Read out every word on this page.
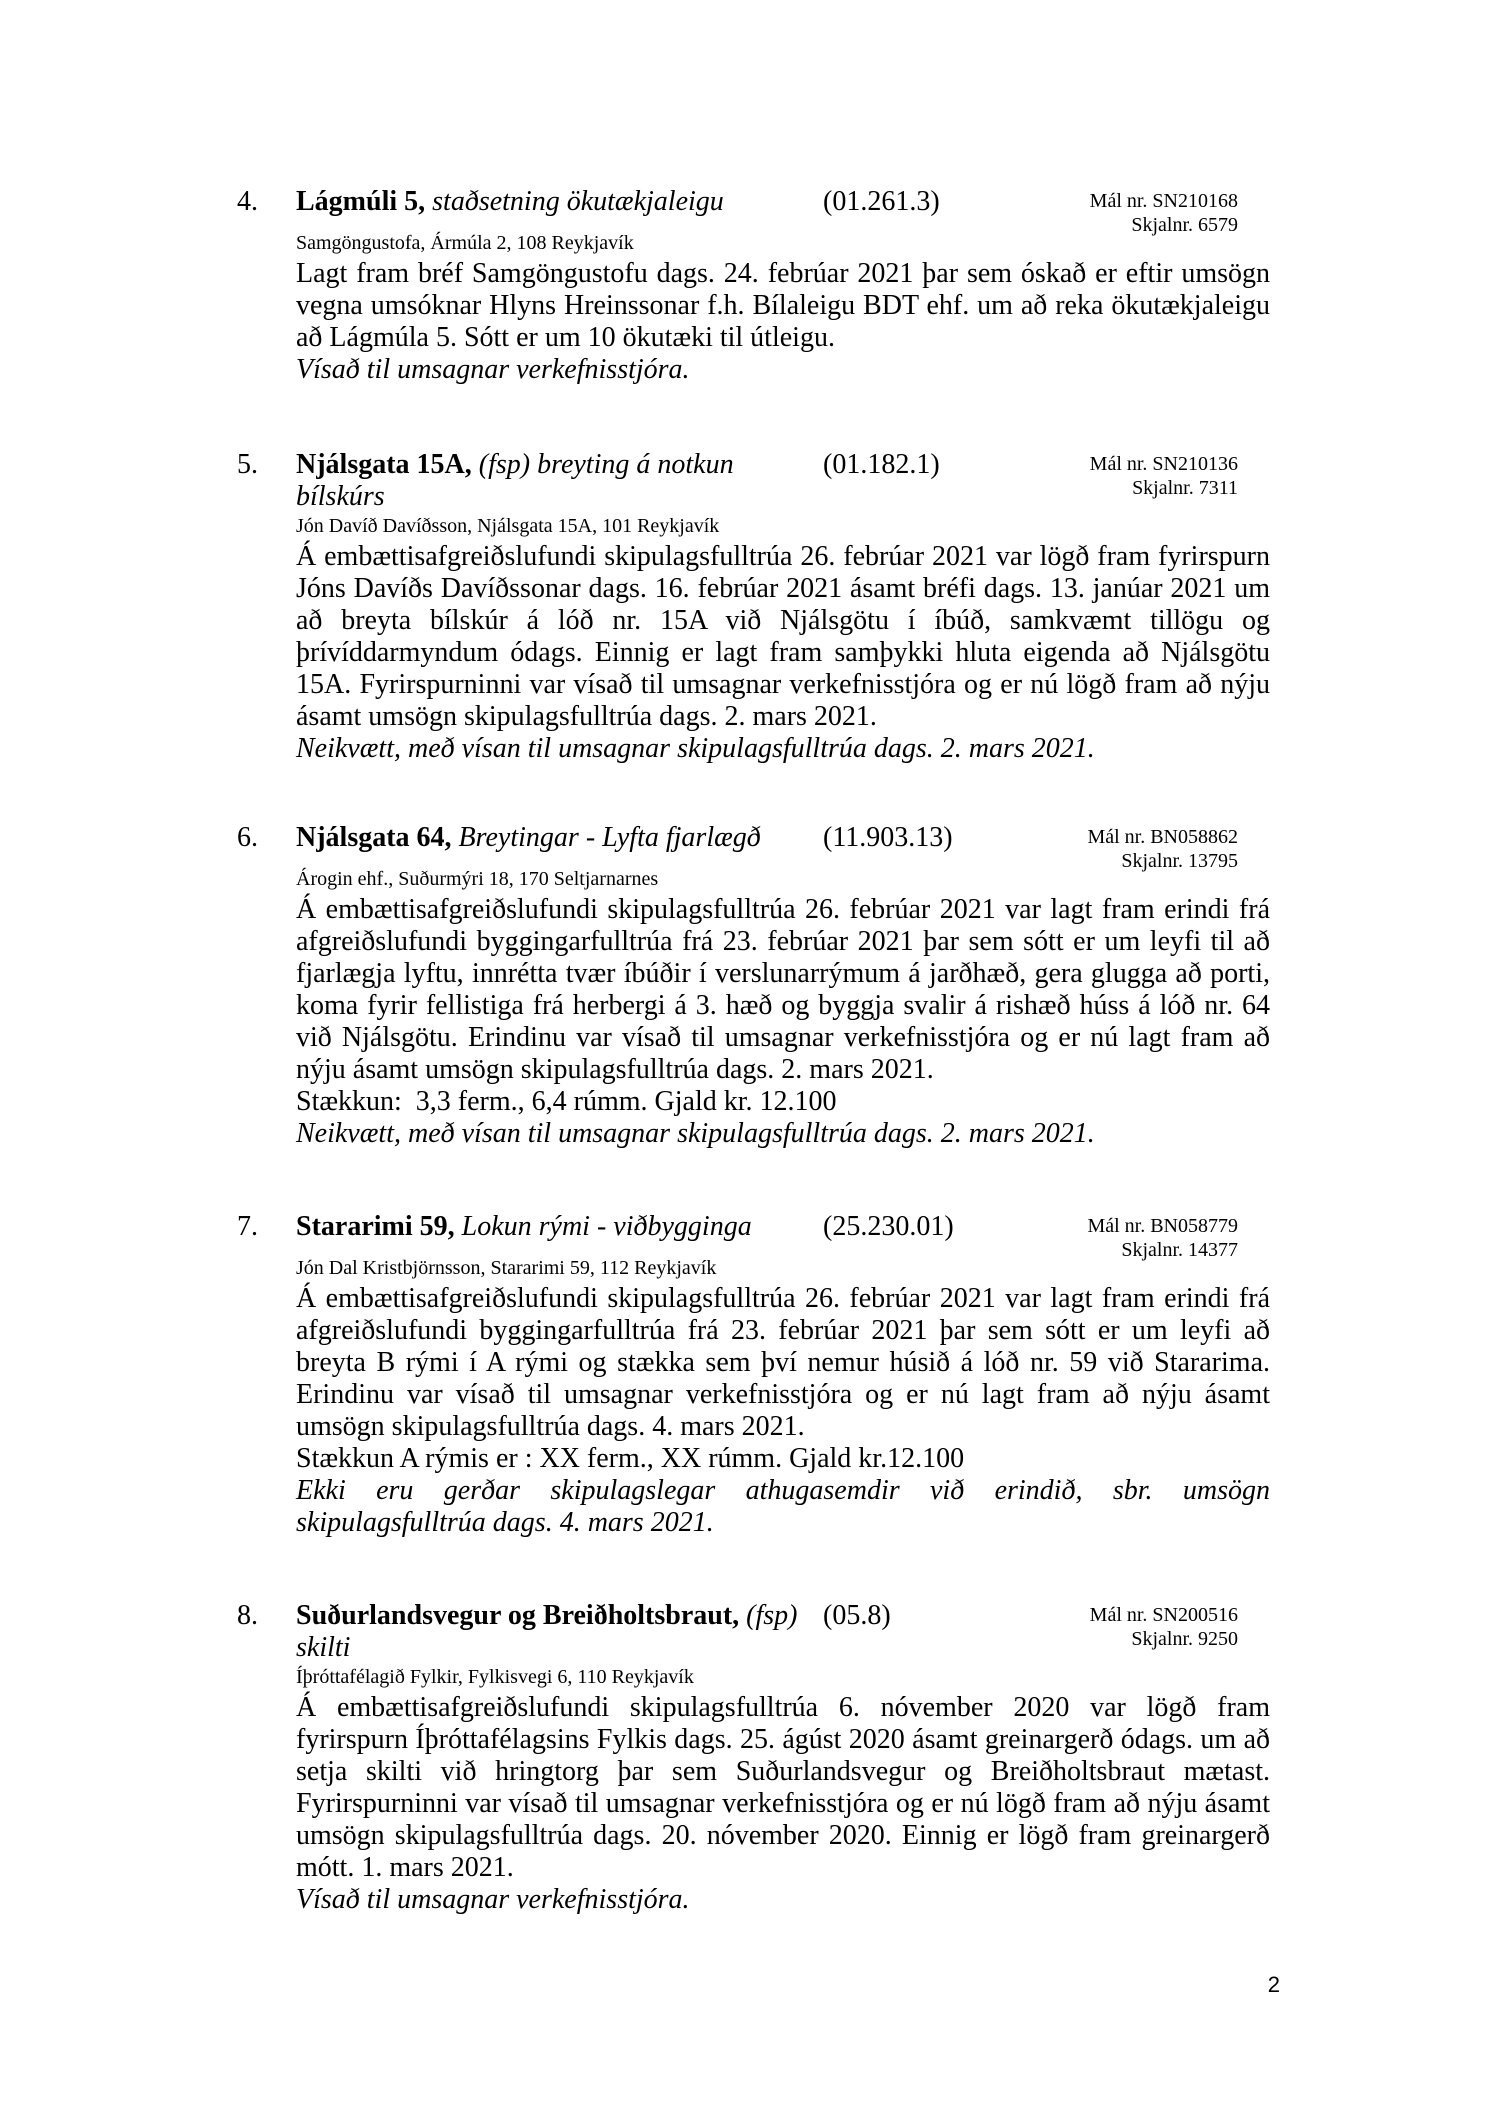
4. Lágmúli 5, staðsetning ökutækjaleigu	(01.261.3)	Mál nr. SN210168
Skjalnr. 6579
Samgöngustofa, Ármúla 2, 108 Reykjavík

Lagt fram bréf Samgöngustofu dags. 24. febrúar 2021 þar sem óskað er eftir umsögn vegna umsóknar Hlyns Hreinssonar f.h. Bílaleigu BDT ehf. um að reka ökutækjaleigu að Lágmúla 5. Sótt er um 10 ökutæki til útleigu.

Vísað til umsagnar verkefnisstjóra.

5. Njálsgata 15A, (fsp) breyting á notkun	(01.182.1)	Mál nr. SN210136
Skjalnr. 7311
bílskúrs
Jón Davíð Davíðsson, Njálsgata 15A, 101 Reykjavík

Á embættisafgreiðslufundi skipulagsfulltrúa 26. febrúar 2021 var lögð fram fyrirspurn Jóns Davíðs Davíðssonar dags. 16. febrúar 2021 ásamt bréfi dags. 13. janúar 2021 um að breyta bílskúr á lóð nr. 15A við Njálsgötu í íbúð, samkvæmt tillögu og þrívíddarmyndum ódags. Einnig er lagt fram samþykki hluta eigenda að Njálsgötu 15A. Fyrirspurninni var vísað til umsagnar verkefnisstjóra og er nú lögð fram að nýju ásamt umsögn skipulagsfulltrúa dags. 2. mars 2021.

Neikvætt, með vísan til umsagnar skipulagsfulltrúa dags. 2. mars 2021.

6. Njálsgata 64, Breytingar - Lyfta fjarlægð	(11.903.13)	Mál nr. BN058862
Skjalnr. 13795
Árogin ehf., Suðurmýri 18, 170 Seltjarnarnes

Á embættisafgreiðslufundi skipulagsfulltrúa 26. febrúar 2021 var lagt fram erindi frá afgreiðslufundi byggingarfulltrúa frá 23. febrúar 2021 þar sem sótt er um leyfi til að fjarlægja lyftu, innrétta tvær íbúðir í verslunarrýmum á jarðhæð, gera glugga að porti, koma fyrir fellistiga frá herbergi á 3. hæð og byggja svalir á rishæð húss á lóð nr. 64 við Njálsgötu. Erindinu var vísað til umsagnar verkefnisstjóra og er nú lagt fram að nýju ásamt umsögn skipulagsfulltrúa dags. 2. mars 2021.

Stækkun:  3,3 ferm., 6,4 rúmm. Gjald kr. 12.100

Neikvætt, með vísan til umsagnar skipulagsfulltrúa dags. 2. mars 2021.

7. Stararimi 59, Lokun rými - viðbygginga	(25.230.01)	Mál nr. BN058779
Skjalnr. 14377
Jón Dal Kristbjörnsson, Stararimi 59, 112 Reykjavík

Á embættisafgreiðslufundi skipulagsfulltrúa 26. febrúar 2021 var lagt fram erindi frá afgreiðslufundi byggingarfulltrúa frá 23. febrúar 2021 þar sem sótt er um leyfi að breyta B rými í A rými og stækka sem því nemur húsið á lóð nr. 59 við Stararima. Erindinu var vísað til umsagnar verkefnisstjóra og er nú lagt fram að nýju ásamt umsögn skipulagsfulltrúa dags. 4. mars 2021.

Stækkun A rýmis er : XX ferm., XX rúmm. Gjald kr.12.100

Ekki eru gerðar skipulagslegar athugasemdir við erindið, sbr. umsögn skipulagsfulltrúa dags. 4. mars 2021.

8. Suðurlandsvegur og Breiðholtsbraut, (fsp) (05.8)	Mál nr. SN200516
Skjalnr. 9250
skilti
Íþróttafélagið Fylkir, Fylkisvegi 6, 110 Reykjavík

Á embættisafgreiðslufundi skipulagsfulltrúa 6. nóvember 2020 var lögð fram fyrirspurn Íþróttafélagsins Fylkis dags. 25. ágúst 2020 ásamt greinargerð ódags. um að setja skilti við hringtorg þar sem Suðurlandsvegur og Breiðholtsbraut mætast. Fyrirspurninni var vísað til umsagnar verkefnisstjóra og er nú lögð fram að nýju ásamt umsögn skipulagsfulltrúa dags. 20. nóvember 2020. Einnig er lögð fram greinargerð mótt. 1. mars 2021.

Vísað til umsagnar verkefnisstjóra.

2
